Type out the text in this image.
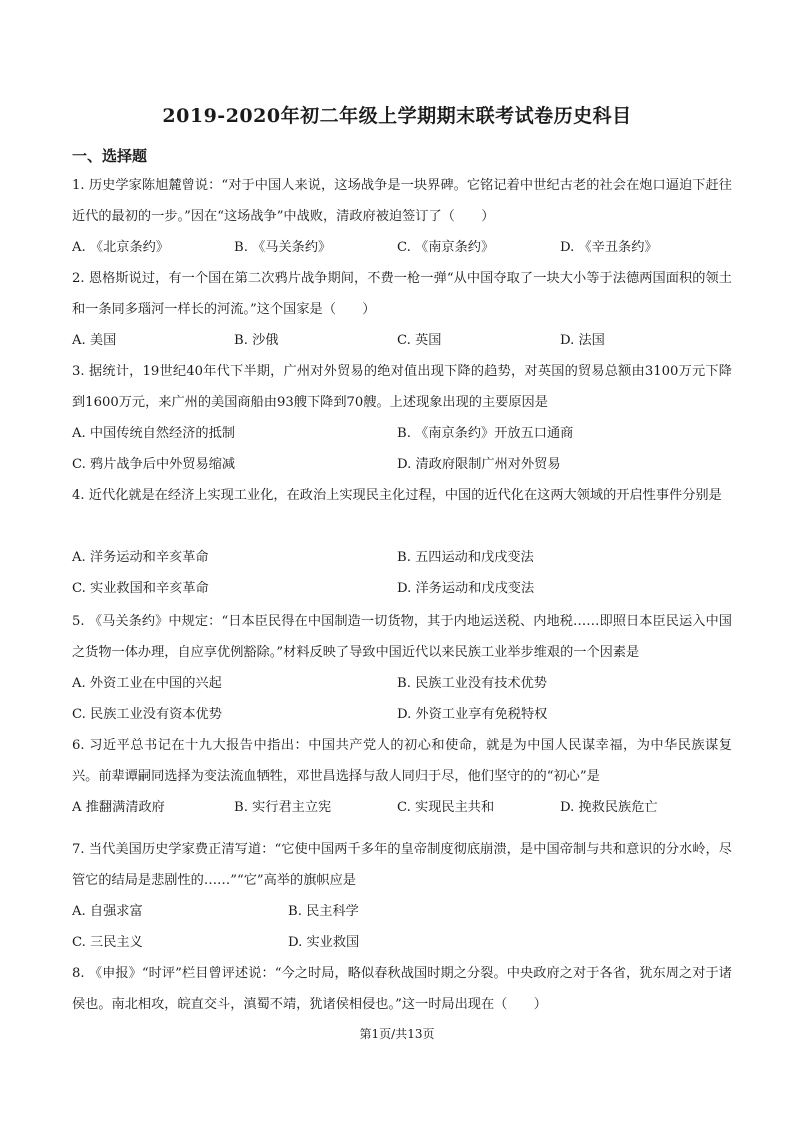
2019-2020年初二年级上学期期末联考试卷历史科目
一、选择题
1. 历史学家陈旭麓曾说：“对于中国人来说，这场战争是一块界碑。它铭记着中世纪古老的社会在炮口逼迫下赶往近代的最初的一步。”因在“这场战争”中战败，清政府被迫签订了（　　）
A. 《北京条约》	B. 《马关条约》	C. 《南京条约》	D. 《辛丑条约》
2. 恩格斯说过，有一个国在第二次鸦片战争期间，不费一枪一弹“从中国夺取了一块大小等于法德两国面积的领土和一条同多瑙河一样长的河流。”这个国家是（　　）
A. 美国	B. 沙俄	C. 英国	D. 法国
3. 据统计，19世纪40年代下半期，广州对外贸易的绝对值出现下降的趋势，对英国的贸易总额由3100万元下降到1600万元，来广州的美国商船由93艘下降到70艘。上述现象出现的主要原因是
A. 中国传统自然经济的抵制	B. 《南京条约》开放五口通商
C. 鸦片战争后中外贸易缩减	D. 清政府限制广州对外贸易
4. 近代化就是在经济上实现工业化，在政治上实现民主化过程，中国的近代化在这两大领域的开启性事件分别是
A. 洋务运动和辛亥革命	B. 五四运动和戊戌变法
C. 实业救国和辛亥革命	D. 洋务运动和戊戌变法
5. 《马关条约》中规定：“日本臣民得在中国制造一切货物，其于内地运送税、内地税……即照日本臣民运入中国之货物一体办理，自应享优例豁除。”材料反映了导致中国近代以来民族工业举步维艰的一个因素是
A. 外资工业在中国的兴起	B. 民族工业没有技术优势
C. 民族工业没有资本优势	D. 外资工业享有免税特权
6. 习近平总书记在十九大报告中指出：中国共产党人的初心和使命，就是为中国人民谋幸福，为中华民族谋复兴。前辈谭嗣同选择为变法流血牺牲，邓世昌选择与敌人同归于尽，他们坚守的的“初心”是
A 推翻满清政府	B. 实行君主立宪	C. 实现民主共和	D. 挽救民族危亡
7. 当代美国历史学家费正清写道：“它使中国两千多年的皇帝制度彻底崩溃，是中国帝制与共和意识的分水岭，尽管它的结局是悲剧性的……”“它”高举的旗帜应是
A. 自强求富	B. 民主科学
C. 三民主义	D. 实业救国
8. 《申报》“时评”栏目曾评述说：“今之时局，略似春秋战国时期之分裂。中央政府之对于各省，犹东周之对于诸侯也。南北相攻，皖直交斗，滇蜀不靖，犹诸侯相侵也。”这一时局出现在（　　）
第1页/共13页
